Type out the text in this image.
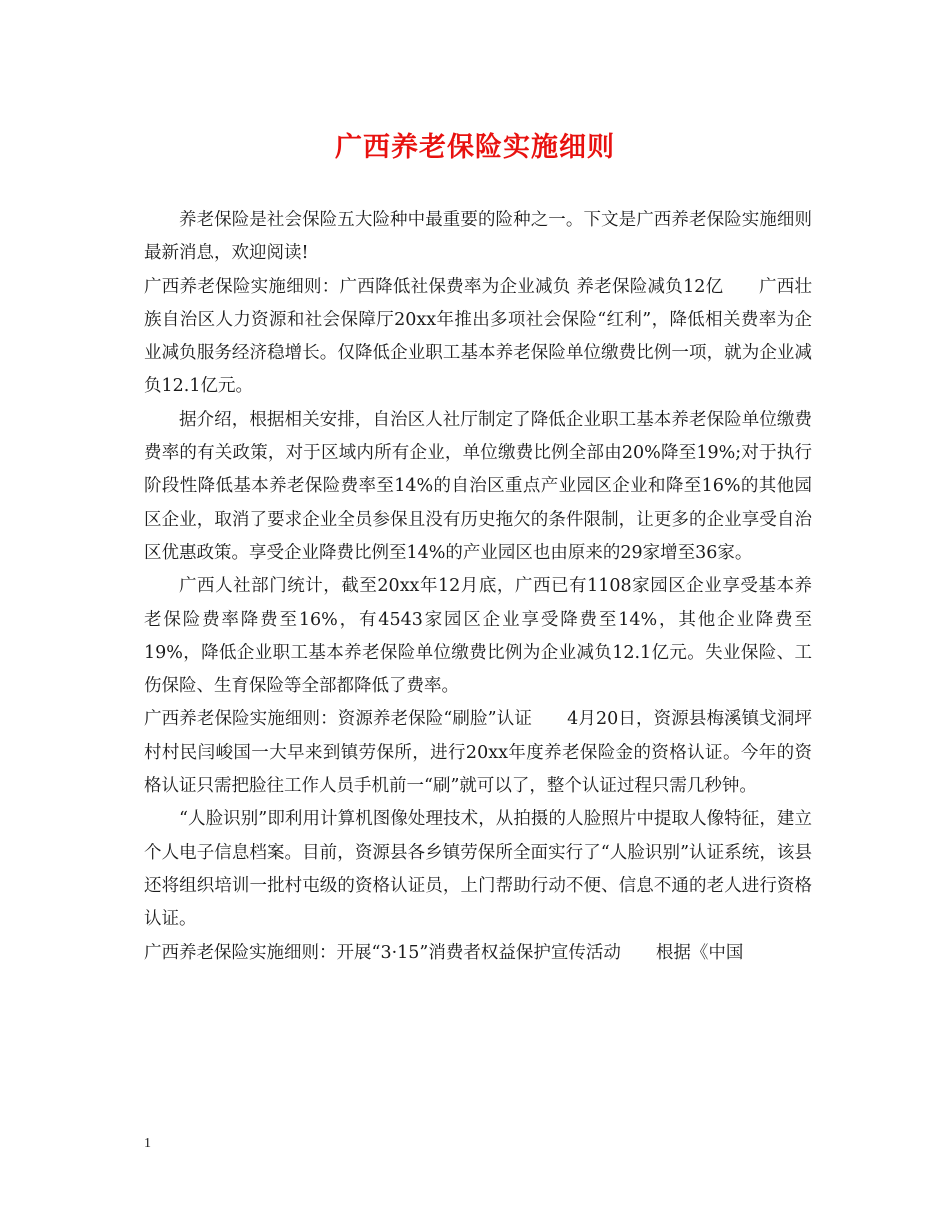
广西养老保险实施细则

养老保险是社会保险五大险种中最重要的险种之一。下文是广西养老保险实施细则最新消息，欢迎阅读!

广西养老保险实施细则：广西降低社保费率为企业减负 养老保险减负12亿　　广西壮族自治区人力资源和社会保障厅20xx年推出多项社会保险“红利”，降低相关费率为企业减负服务经济稳增长。仅降低企业职工基本养老保险单位缴费比例一项，就为企业减负12.1亿元。

据介绍，根据相关安排，自治区人社厅制定了降低企业职工基本养老保险单位缴费费率的有关政策，对于区域内所有企业，单位缴费比例全部由20%降至19%;对于执行阶段性降低基本养老保险费率至14%的自治区重点产业园区企业和降至16%的其他园区企业，取消了要求企业全员参保且没有历史拖欠的条件限制，让更多的企业享受自治区优惠政策。享受企业降费比例至14%的产业园区也由原来的29家增至36家。

广西人社部门统计，截至20xx年12月底，广西已有1108家园区企业享受基本养老保险费率降费至16%，有4543家园区企业享受降费至14%，其他企业降费至19%，降低企业职工基本养老保险单位缴费比例为企业减负12.1亿元。失业保险、工伤保险、生育保险等全部都降低了费率。

广西养老保险实施细则：资源养老保险“刷脸”认证　　4月20日，资源县梅溪镇戈洞坪村村民闫峻国一大早来到镇劳保所，进行20xx年度养老保险金的资格认证。今年的资格认证只需把脸往工作人员手机前一“刷”就可以了，整个认证过程只需几秒钟。

“人脸识别”即利用计算机图像处理技术，从拍摄的人脸照片中提取人像特征，建立个人电子信息档案。目前，资源县各乡镇劳保所全面实行了“人脸识别”认证系统，该县还将组织培训一批村屯级的资格认证员，上门帮助行动不便、信息不通的老人进行资格认证。

广西养老保险实施细则：开展“3·15”消费者权益保护宣传活动　　根据《中国

1
